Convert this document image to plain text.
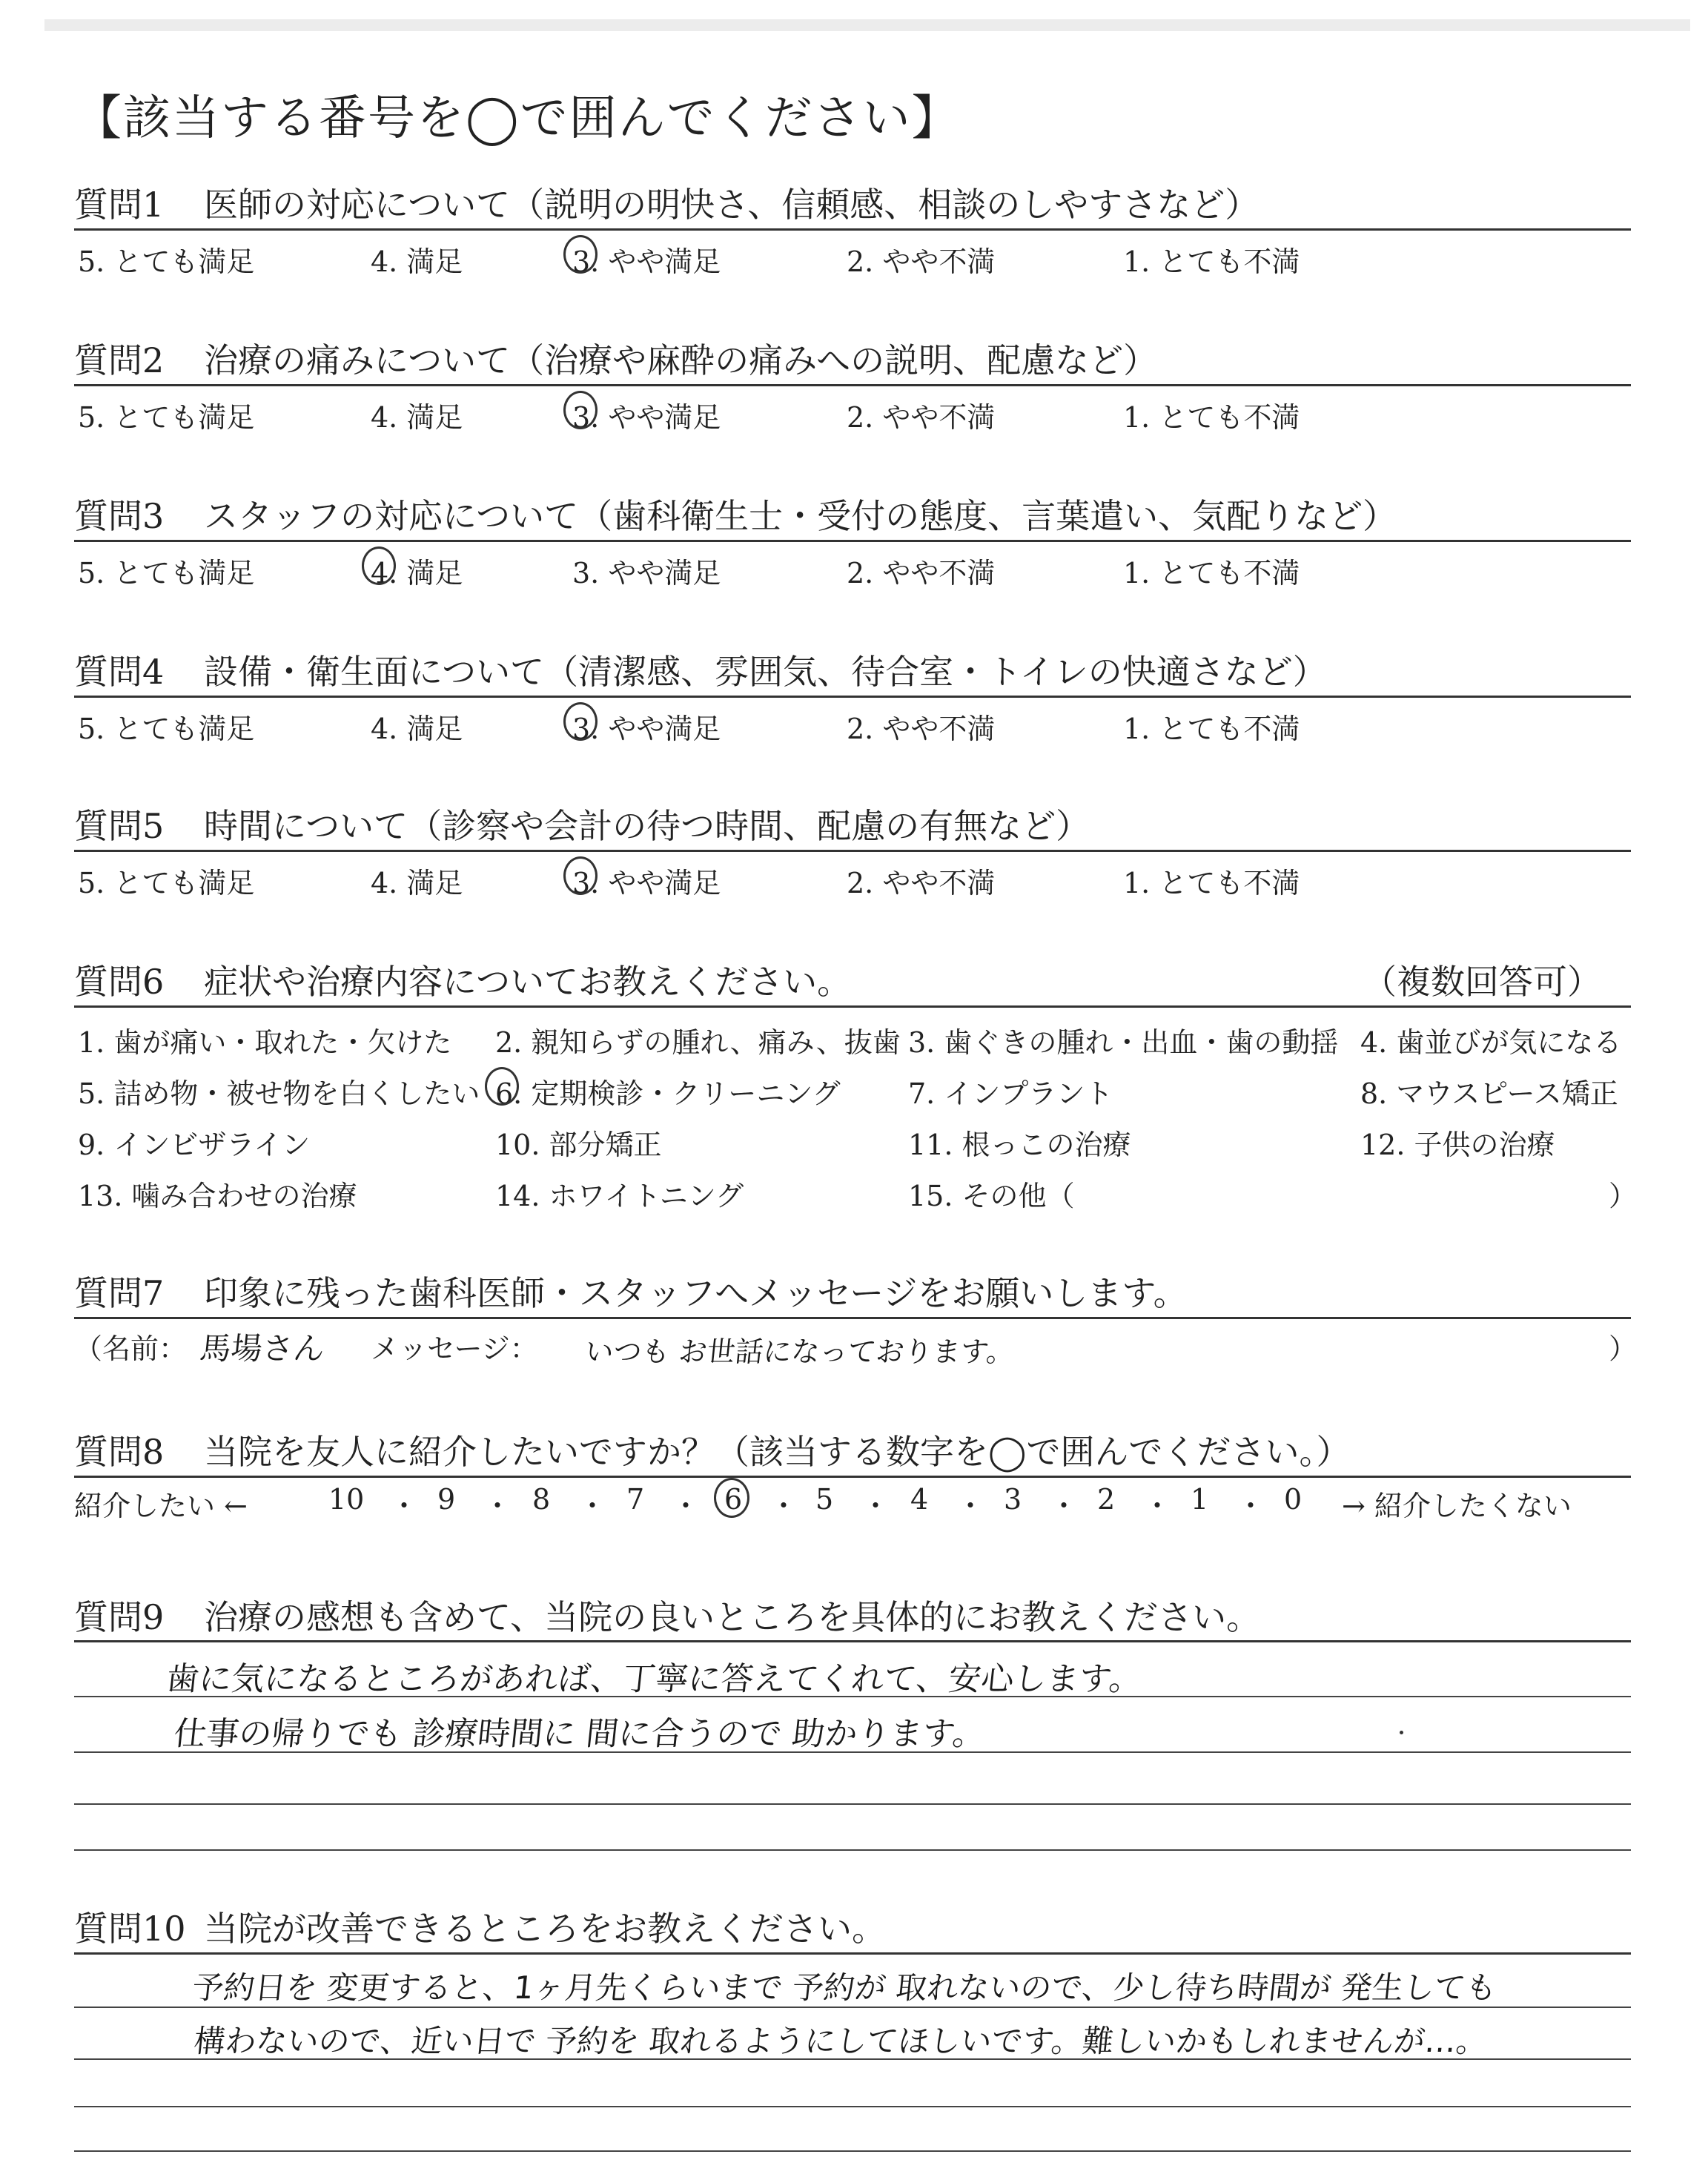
【該当する番号を◯で囲んでください】
質問1 医師の対応について（説明の明快さ、信頼感、相談のしやすさなど）
5. とても満足	4. 満足	3. やや満足	2. やや不満	1. とても不満
質問2 治療の痛みについて（治療や麻酔の痛みへの説明、配慮など）
5. とても満足	4. 満足	3. やや満足	2. やや不満	1. とても不満
質問3 スタッフの対応について（歯科衛生士・受付の態度、言葉遣い、気配りなど）
5. とても満足	4. 満足	3. やや満足	2. やや不満	1. とても不満
質問4 設備・衛生面について（清潔感、雰囲気、待合室・トイレの快適さなど）
5. とても満足	4. 満足	3. やや満足	2. やや不満	1. とても不満
質問5 時間について（診察や会計の待つ時間、配慮の有無など）
5. とても満足	4. 満足	3. やや満足	2. やや不満	1. とても不満
質問6 症状や治療内容についてお教えください。	（複数回答可）
1. 歯が痛い・取れた・欠けた 2. 親知らずの腫れ、痛み、抜歯 3. 歯ぐきの腫れ・出血・歯の動揺 4. 歯並びが気になる
5. 詰め物・被せ物を白くしたい 6. 定期検診・クリーニング 7. インプラント	8. マウスピース矯正
9. インビザライン	10. 部分矯正	11. 根っこの治療	12. 子供の治療
13. 噛み合わせの治療	14. ホワイトニング	15. その他（	）
質問7 印象に残った歯科医師・スタッフへメッセージをお願いします。
（名前： 馬場さん メッセージ： いつも お世話になっております。	）
質問8 当院を友人に紹介したいですか？（該当する数字を◯で囲んでください。）
紹介したい ←	10 ・ 9 ・ 8 ・ 7 ・ 6 ・ 5 ・ 4 ・ 3 ・ 2 ・ 1 ・ 0 → 紹介したくない
質問9 治療の感想も含めて、当院の良いところを具体的にお教えください。
歯に気になるところがあれば、丁寧に答えてくれて、安心します。
仕事の帰りでも 診療時間に 間に合うので 助かります。
質問10 当院が改善できるところをお教えください。
予約日を 変更すると、1ヶ月先くらいまで 予約が 取れないので、少し待ち時間が 発生しても
構わないので、近い日で 予約を 取れるようにしてほしいです。難しいかもしれませんが…。
